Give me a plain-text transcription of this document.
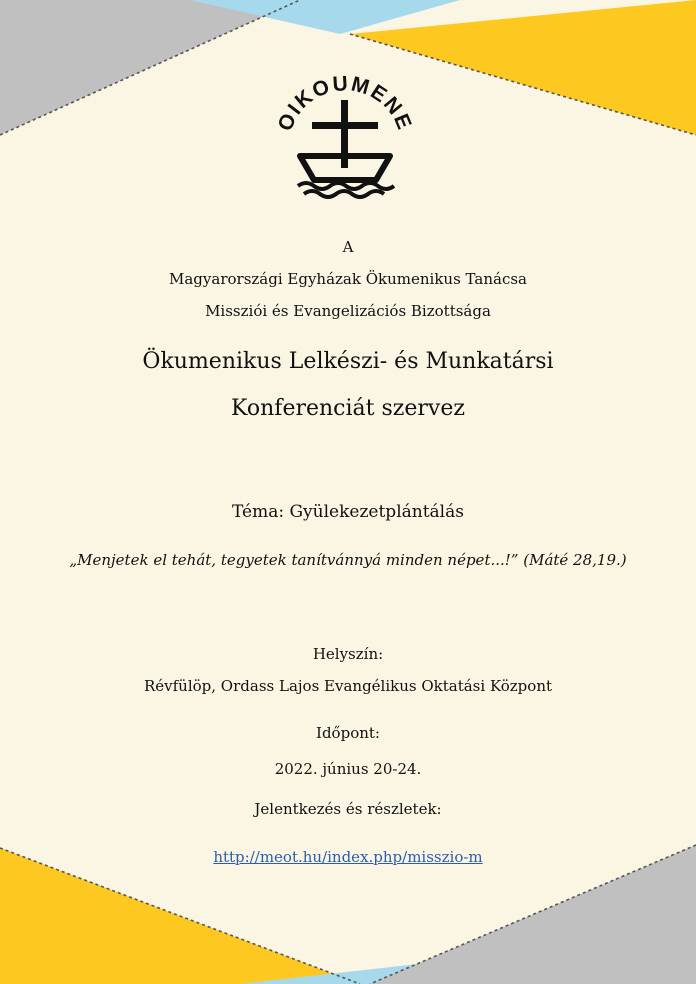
OIKOUMENE
A
Magyarországi Egyházak Ökumenikus Tanácsa
Missziói és Evangelizációs Bizottsága
Ökumenikus Lelkészi- és Munkatársi
Konferenciát szervez
Téma: Gyülekezetplántálás
„Menjetek el tehát, tegyetek tanítvánnyá minden népet...!” (Máté 28,19.)
Helyszín:
Révfülöp, Ordass Lajos Evangélikus Oktatási Központ
Időpont:
2022. június 20-24.
Jelentkezés és részletek:
http://meot.hu/index.php/misszio-m
